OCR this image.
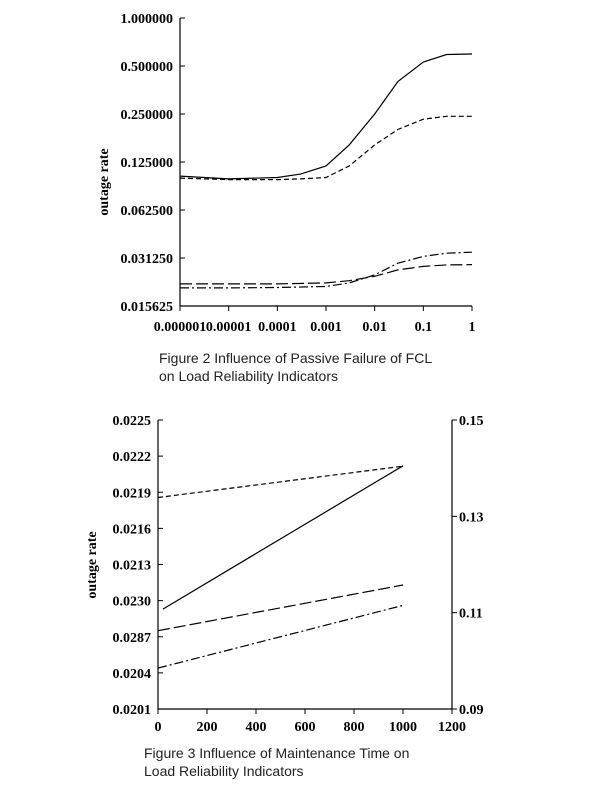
outage rate
1.000000
0.500000
0.250000
0.125000
0.062500
0.031250
0.015625
0.000001 0.00001 0.0001 0.001 0.01 0.1	1
outage rate
0.0225
0.0222
0.0219
0.0216
0.0213
0.0230
0.0287
0.0204
0.0201
0.15
0.13
0.11
0.09
0	200 400 600 800 1000 1200
Figure 2 Influence of Passive Failure of FCL
on Load Reliability Indicators
Figure 3 Influence of Maintenance Time on
Load Reliability Indicators
